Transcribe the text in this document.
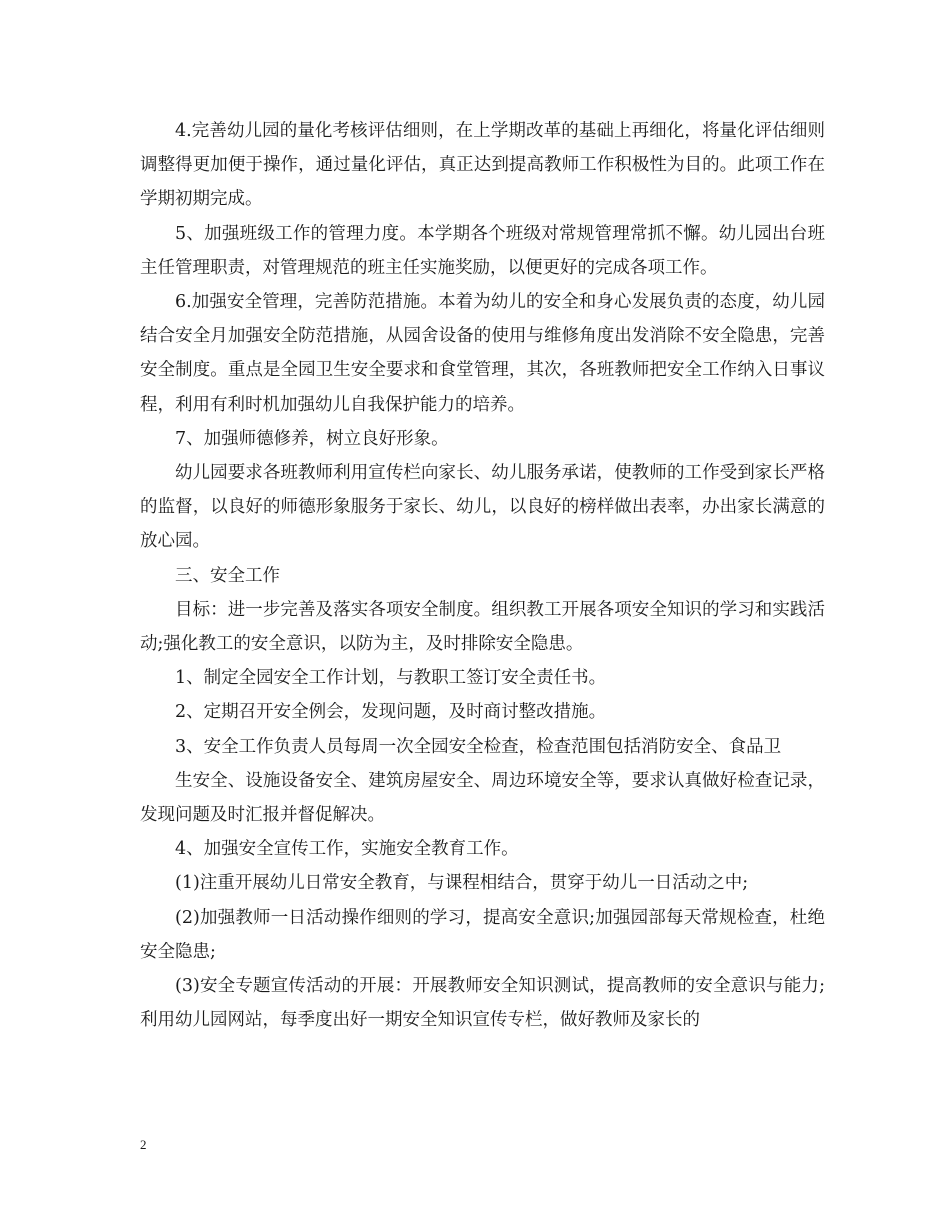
4.完善幼儿园的量化考核评估细则，在上学期改革的基础上再细化，将量化评估细则调整得更加便于操作，通过量化评估，真正达到提高教师工作积极性为目的。此项工作在学期初期完成。

5、加强班级工作的管理力度。本学期各个班级对常规管理常抓不懈。幼儿园出台班主任管理职责，对管理规范的班主任实施奖励，以便更好的完成各项工作。

6.加强安全管理，完善防范措施。本着为幼儿的安全和身心发展负责的态度，幼儿园结合安全月加强安全防范措施，从园舍设备的使用与维修角度出发消除不安全隐患，完善安全制度。重点是全园卫生安全要求和食堂管理，其次，各班教师把安全工作纳入日事议程，利用有利时机加强幼儿自我保护能力的培养。

7、加强师德修养，树立良好形象。

幼儿园要求各班教师利用宣传栏向家长、幼儿服务承诺，使教师的工作受到家长严格的监督，以良好的师德形象服务于家长、幼儿，以良好的榜样做出表率，办出家长满意的放心园。

三、安全工作

目标：进一步完善及落实各项安全制度。组织教工开展各项安全知识的学习和实践活动;强化教工的安全意识，以防为主，及时排除安全隐患。

1、制定全园安全工作计划，与教职工签订安全责任书。

2、定期召开安全例会，发现问题，及时商讨整改措施。

3、安全工作负责人员每周一次全园安全检查，检查范围包括消防安全、食品卫

生安全、设施设备安全、建筑房屋安全、周边环境安全等，要求认真做好检查记录，发现问题及时汇报并督促解决。

4、加强安全宣传工作，实施安全教育工作。

(1)注重开展幼儿日常安全教育，与课程相结合，贯穿于幼儿一日活动之中;

(2)加强教师一日活动操作细则的学习，提高安全意识;加强园部每天常规检查，杜绝安全隐患;

(3)安全专题宣传活动的开展：开展教师安全知识测试，提高教师的安全意识与能力;利用幼儿园网站，每季度出好一期安全知识宣传专栏，做好教师及家长的

2
